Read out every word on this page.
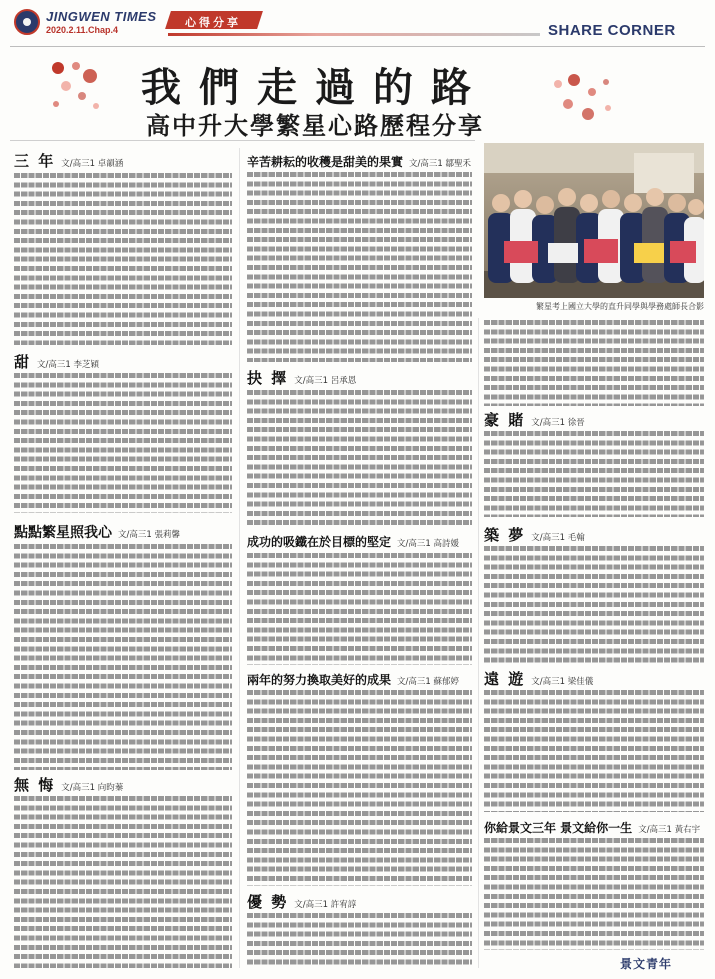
JINGWEN TIMES
2020.2.11.Chap.4
心得分享	SHARE CORNER
我們走過的路
高中升大學繁星心路歷程分享
三 年 文/高三1 卓韻涵
甜文/高三1 李芝穎
點點繁星照我心 文/高三1 張莉馨
無 悔 文/高三1 向昀蓁
辛苦耕耘的收穫是甜美的果實 文/高三1 鄒聖禾
抉 擇 文/高三1 呂承恩
成功的吸鐵在於目標的堅定 文/高三1 高詩媛
兩年的努力換取美好的成果 文/高三1 蘇郁婷
優 勢 文/高三1 許宥諄
繁星考上國立大學的直升同學與學務處師長合影
豪 賭 文/高三1 徐晉
築 夢 文/高三1 毛翰
遠 遊 文/高三1 梁佳儀
你給景文三年 景文給你一生 文/高三1 黃右宇
景文青年
